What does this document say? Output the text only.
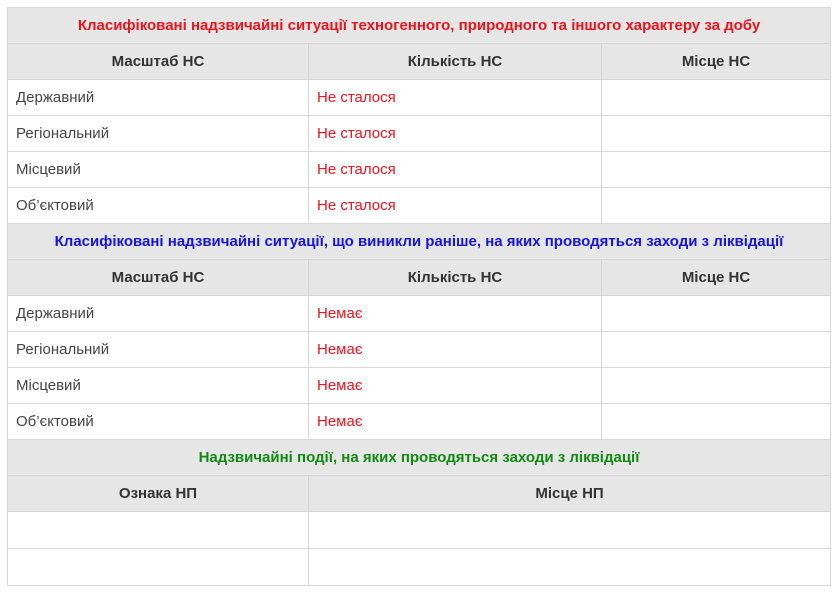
Класифіковані надзвичайні ситуації техногенного, природного та іншого характеру за добу		
Масштаб НС	Кількість НС	Місце НС
Державний	Не сталося	
Регіональний	Не сталося	
Місцевий	Не сталося	
Об’єктовий	Не сталося	
Класифіковані надзвичайні ситуації, що виникли раніше, на яких проводяться заходи з ліквідації		
Масштаб НС	Кількість НС	Місце НС
Державний	Немає	
Регіональний	Немає	
Місцевий	Немає	
Об’єктовий	Немає	
Надзвичайні події, на яких проводяться заходи з ліквідації		
Ознака НП	Місце НП	
